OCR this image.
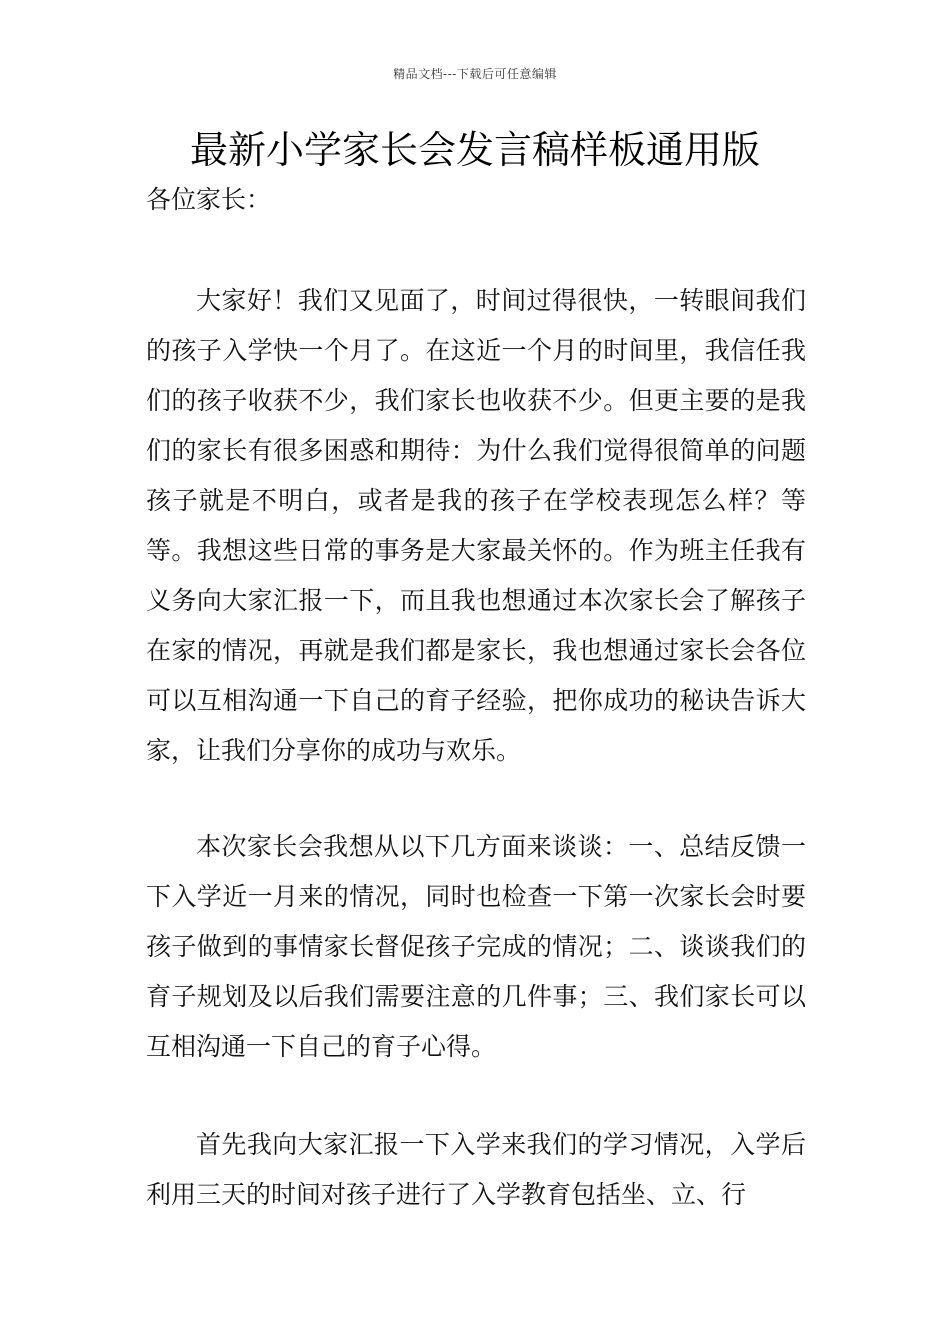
精品文档---下载后可任意编辑
最新小学家长会发言稿样板通用版

各位家长：

大家好！我们又见面了，时间过得很快，一转眼间我们的孩子入学快一个月了。在这近一个月的时间里，我信任我们的孩子收获不少，我们家长也收获不少。但更主要的是我们的家长有很多困惑和期待：为什么我们觉得很简单的问题孩子就是不明白，或者是我的孩子在学校表现怎么样？等等。我想这些日常的事务是大家最关怀的。作为班主任我有义务向大家汇报一下，而且我也想通过本次家长会了解孩子在家的情况，再就是我们都是家长，我也想通过家长会各位可以互相沟通一下自己的育子经验，把你成功的秘诀告诉大家，让我们分享你的成功与欢乐。

本次家长会我想从以下几方面来谈谈：一、总结反馈一下入学近一月来的情况，同时也检查一下第一次家长会时要孩子做到的事情家长督促孩子完成的情况；二、谈谈我们的育子规划及以后我们需要注意的几件事；三、我们家长可以互相沟通一下自己的育子心得。

首先我向大家汇报一下入学来我们的学习情况，入学后利用三天的时间对孩子进行了入学教育包括坐、立、行
